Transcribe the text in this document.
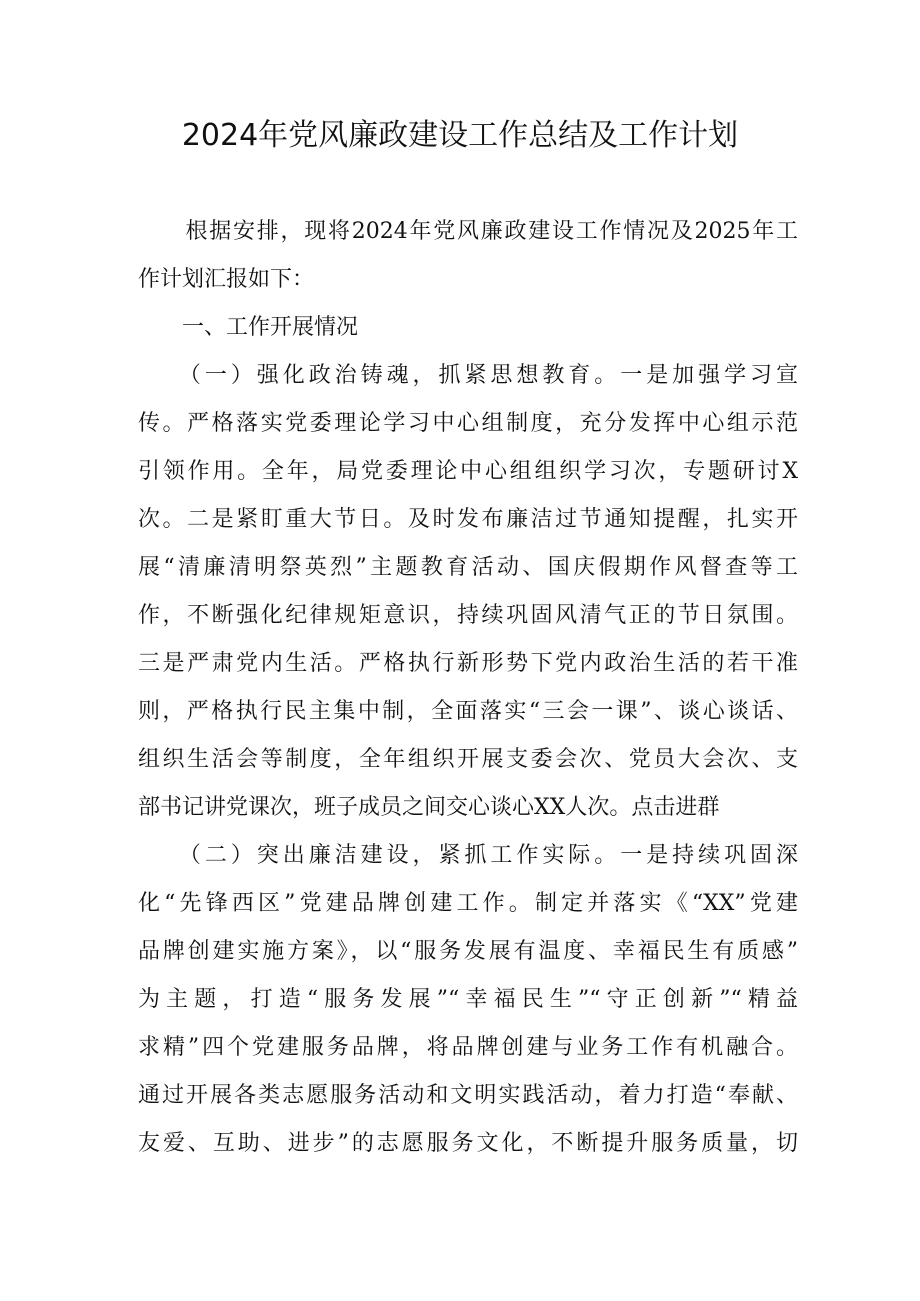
2024年党风廉政建设工作总结及工作计划
　　根据安排，现将2024年党风廉政建设工作情况及2025年工
作计划汇报如下：
　　一、工作开展情况
　　（一）强化政治铸魂，抓紧思想教育。一是加强学习宣
传。严格落实党委理论学习中心组制度，充分发挥中心组示范
引领作用。全年，局党委理论中心组组织学习次，专题研讨X
次。二是紧盯重大节日。及时发布廉洁过节通知提醒，扎实开
展“清廉清明祭英烈”主题教育活动、国庆假期作风督查等工
作，不断强化纪律规矩意识，持续巩固风清气正的节日氛围。
三是严肃党内生活。严格执行新形势下党内政治生活的若干准
则，严格执行民主集中制，全面落实“三会一课”、谈心谈话、
组织生活会等制度，全年组织开展支委会次、党员大会次、支
部书记讲党课次，班子成员之间交心谈心XX人次。点击进群
　　（二）突出廉洁建设，紧抓工作实际。一是持续巩固深
化“先锋西区”党建品牌创建工作。制定并落实《“XX”党建
品牌创建实施方案》，以“服务发展有温度、幸福民生有质感”
为主题，打造“服务发展”“幸福民生”“守正创新”“精益
求精”四个党建服务品牌，将品牌创建与业务工作有机融合。
通过开展各类志愿服务活动和文明实践活动，着力打造“奉献、
友爱、互助、进步”的志愿服务文化，不断提升服务质量，切
